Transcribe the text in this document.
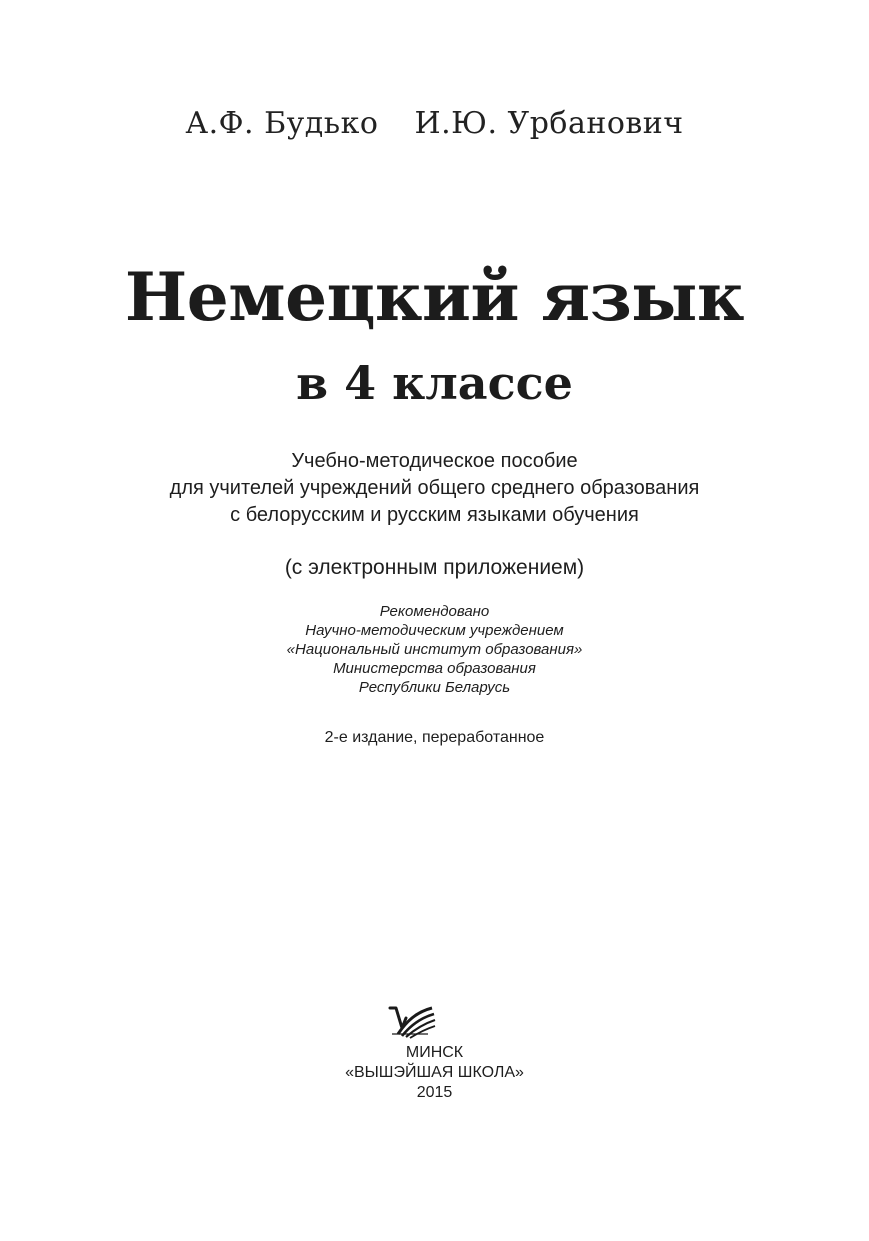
А.Ф. Будько И.Ю. Урбанович
Немецкий язык
в 4 классе
Учебно-методическое пособие
для учителей учреждений общего среднего образования
с белорусским и русским языками обучения
(с электронным приложением)
Рекомендовано
Научно-методическим учреждением
«Национальный институт образования»
Министерства образования
Республики Беларусь
2-е издание, переработанное
МИНСК
«ВЫШЭЙШАЯ ШКОЛА»
2015
